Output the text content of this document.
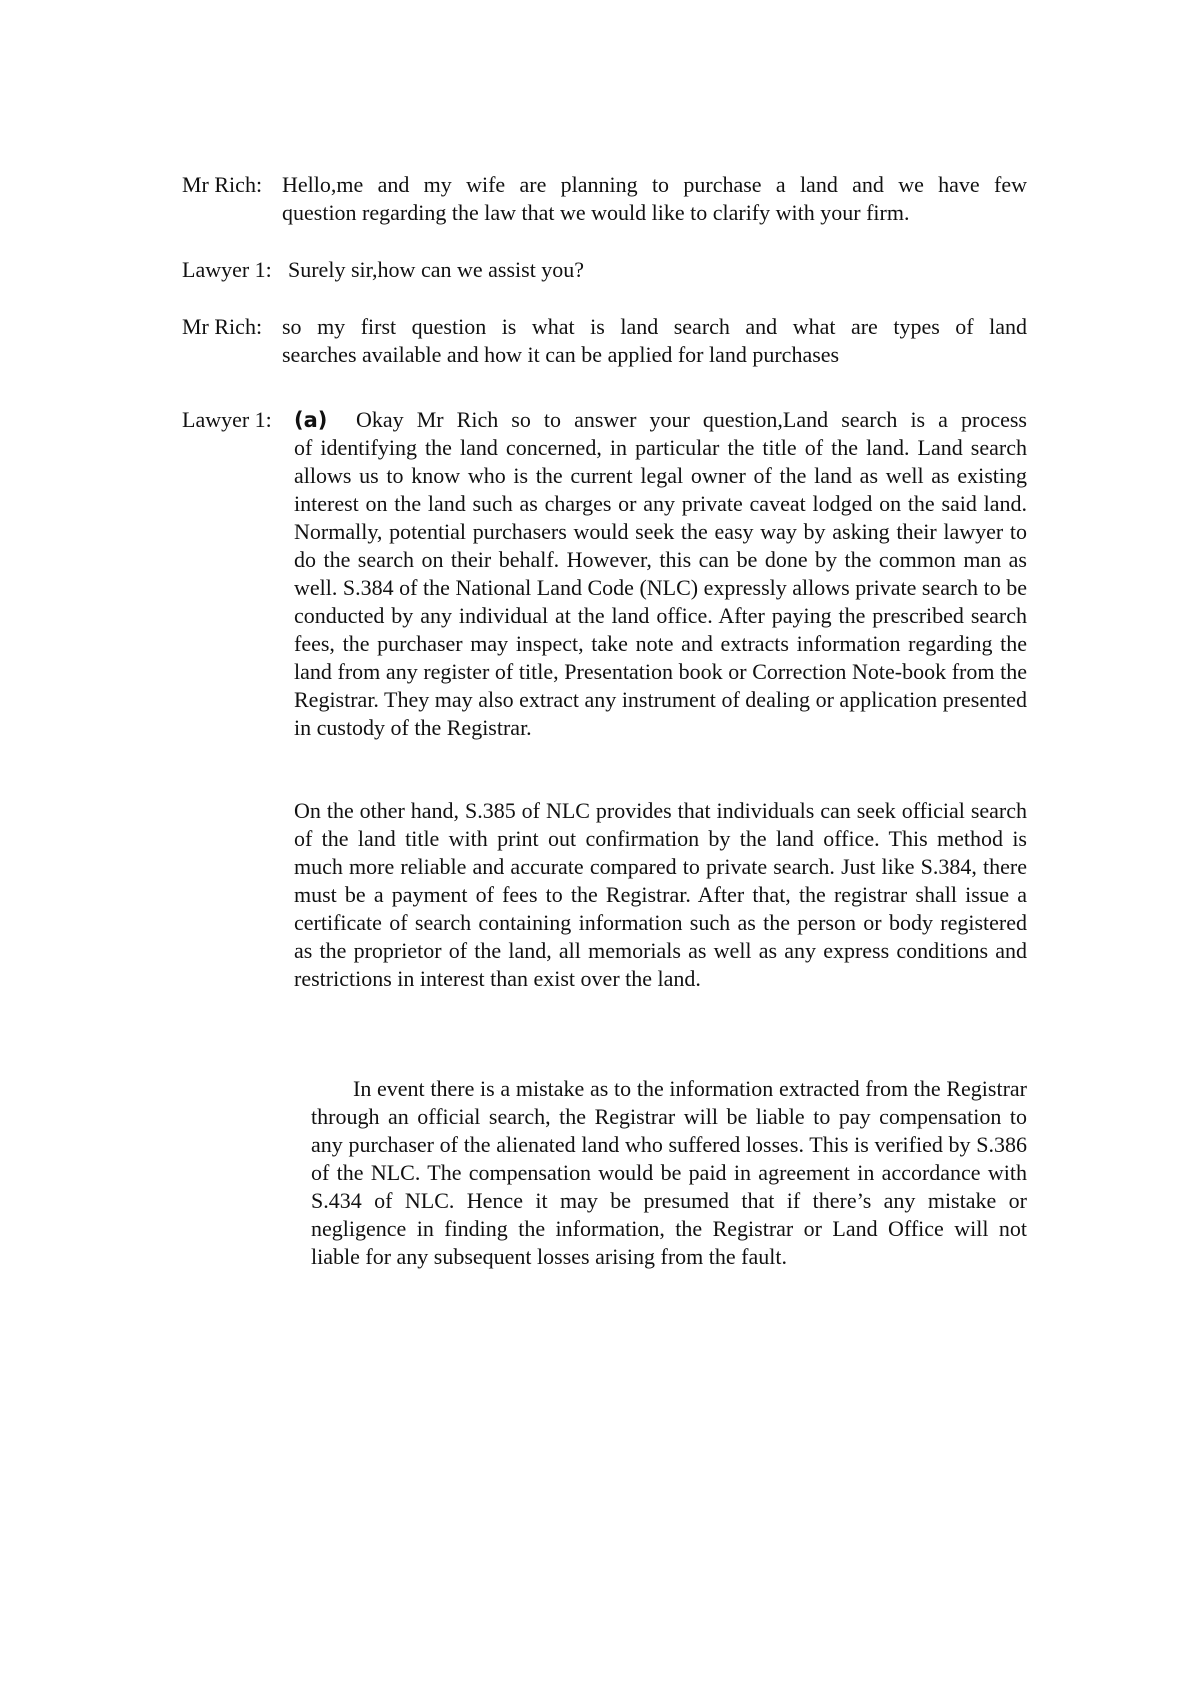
Mr Rich: Hello,me and my wife are planning to purchase a land and we have few
question regarding the law that we would like to clarify with your firm.
Lawyer 1: Surely sir,how can we assist you?
Mr Rich: so my first question is what is land search and what are types of land
searches available and how it can be applied for land purchases
Lawyer 1:	(a)	Okay Mr Rich so to answer your question,Land search is a process
of identifying the land concerned, in particular the title of the land. Land search allows us to know who is the current legal owner of the land as well as existing interest on the land such as charges or any private caveat lodged on the said land. Normally, potential purchasers would seek the easy way by asking their lawyer to do the search on their behalf. However, this can be done by the common man as well. S.384 of the National Land Code (NLC) expressly allows private search to be conducted by any individual at the land office. After paying the prescribed search fees, the purchaser may inspect, take note and extracts information regarding the land from any register of title, Presentation book or Correction Note-book from the Registrar. They may also extract any instrument of dealing or application presented in custody of the Registrar.
On the other hand, S.385 of NLC provides that individuals can seek official search of the land title with print out confirmation by the land office. This method is much more reliable and accurate compared to private search. Just like S.384, there must be a payment of fees to the Registrar. After that, the registrar shall issue a certificate of search containing information such as the person or body registered as the proprietor of the land, all memorials as well as any express conditions and restrictions in interest than exist over the land.
In event there is a mistake as to the information extracted from the Registrar through an official search, the Registrar will be liable to pay compensation to any purchaser of the alienated land who suffered losses. This is verified by S.386 of the NLC. The compensation would be paid in agreement in accordance with S.434 of NLC. Hence it may be presumed that if there’s any mistake or negligence in finding the information, the Registrar or Land Office will not liable for any subsequent losses arising from the fault.
